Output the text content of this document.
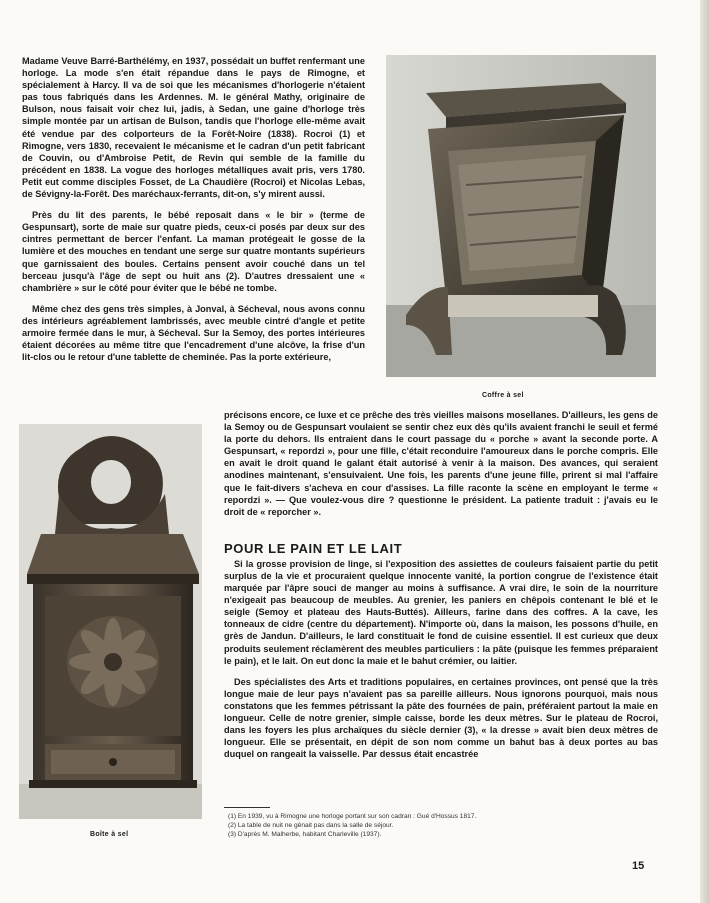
Madame Veuve Barré-Barthélémy, en 1937, possédait un buffet renfermant une horloge. La mode s'en était répandue dans le pays de Rimogne, et spécialement à Harcy. Il va de soi que les mécanismes d'horlogerie n'étaient pas tous fabriqués dans les Ardennes. M. le général Mathy, originaire de Bulson, nous faisait voir chez lui, jadis, à Sedan, une gaine d'horloge très simple montée par un artisan de Bulson, tandis que l'horloge elle-même avait été vendue par des colporteurs de la Forêt-Noire (1838). Rocroi (1) et Rimogne, vers 1830, recevaient le mécanisme et le cadran d'un petit fabricant de Couvin, ou d'Ambroise Petit, de Revin qui semble de la famille du précédent en 1838. La vogue des horloges métalliques avait pris, vers 1780. Petit eut comme disciples Fosset, de La Chaudière (Rocroi) et Nicolas Lebas, de Sévigny-la-Forêt. Des maréchaux-ferrants, dit-on, s'y mirent aussi.

Près du lit des parents, le bébé reposait dans « le bir » (terme de Gespunsart), sorte de maie sur quatre pieds, ceux-ci posés par deux sur des cintres permettant de bercer l'enfant. La maman protégeait le gosse de la lumière et des mouches en tendant une serge sur quatre montants supérieurs que garnissaient des boules. Certains pensent avoir couché dans un tel berceau jusqu'à l'âge de sept ou huit ans (2). D'autres dressaient une « chambrière » sur le côté pour éviter que le bébé ne tombe.

Même chez des gens très simples, à Jonval, à Sécheval, nous avons connu des intérieurs agréablement lambrissés, avec meuble cintré d'angle et petite armoire fermée dans le mur, à Sécheval. Sur la Semoy, des portes intérieures étaient décorées au même titre que l'encadrement d'une alcôve, la frise d'un lit-clos ou le retour d'une tablette de cheminée. Pas la porte extérieure,

Coffre à sel
Boîte à sel

précisons encore, ce luxe et ce prêche des très vieilles maisons mosellanes. D'ailleurs, les gens de la Semoy ou de Gespunsart voulaient se sentir chez eux dès qu'ils avaient franchi le seuil et fermé la porte du dehors. Ils entraient dans le court passage du « porche » avant la seconde porte. A Gespunsart, « repordzi », pour une fille, c'était reconduire l'amoureux dans le porche compris. Elle en avait le droit quand le galant était autorisé à venir à la maison. Des avances, qui seraient anodines maintenant, s'ensuivaient. Une fois, les parents d'une jeune fille, prirent si mal l'affaire que le fait-divers s'acheva en cour d'assises. La fille raconte la scène en employant le terme « repordzi ». — Que voulez-vous dire ? questionne le président. La patiente traduit : j'avais eu le droit de « reporcher ».

Si la grosse provision de linge, si l'exposition des assiettes de couleurs faisaient partie du petit surplus de la vie et procuraient quelque innocente vanité, la portion congrue de l'existence était marquée par l'âpre souci de manger au moins à suffisance. A vrai dire, le soin de la nourriture n'exigeait pas beaucoup de meubles. Au grenier, les paniers en chêpois contenant le blé et le seigle (Semoy et plateau des Hauts-Buttés). Ailleurs, farine dans des coffres. A la cave, les tonneaux de cidre (centre du département). N'importe où, dans la maison, les possons d'huile, en grès de Jandun. D'ailleurs, le lard constituait le fond de cuisine essentiel. Il est curieux que deux produits seulement réclamèrent des meubles particuliers : la pâte (puisque les femmes préparaient le pain), et le lait. On eut donc la maie et le bahut crémier, ou laitier.

Des spécialistes des Arts et traditions populaires, en certaines provinces, ont pensé que la très longue maie de leur pays n'avaient pas sa pareille ailleurs. Nous ignorons pourquoi, mais nous constatons que les femmes pétrissant la pâte des fournées de pain, préféraient partout la maie en longueur. Celle de notre grenier, simple caisse, borde les deux mètres. Sur le plateau de Rocroi, dans les foyers les plus archaïques du siècle dernier (3), « la dresse » avait bien deux mètres de longueur. Elle se présentait, en dépit de son nom comme un bahut bas à deux portes au bas duquel on rangeait la vaisselle. Par dessus était encastrée

POUR LE PAIN ET LE LAIT
(1) En 1939, vu à Rimogne une horloge portant sur son cadran : Gué d'Hossus 1817.
(2) La table de nuit ne gênait pas dans la salle de séjour.
(3) D'après M. Malherbe, habitant Charleville (1937).
15
